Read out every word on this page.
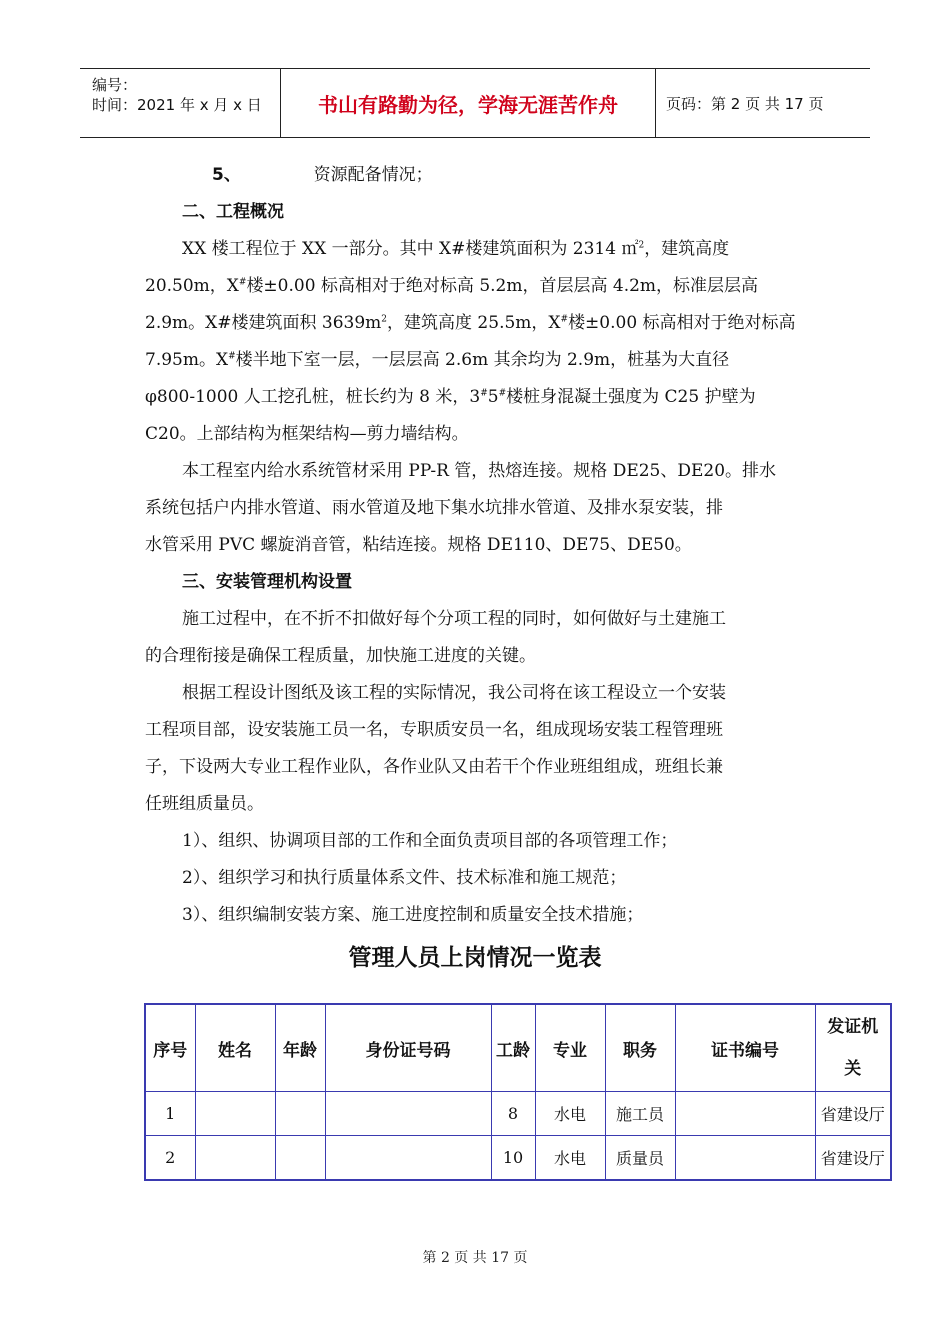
编号：
时间：2021 年 x 月 x 日	书山有路勤为径，学海无涯苦作舟	页码：第 2 页 共 17 页
5、	资源配备情况；
二、工程概况
XX 楼工程位于 XX 一部分。其中 X#楼建筑面积为 2314 ㎡$^2$，建筑高度
20.50m，X#楼±0.00 标高相对于绝对标高 5.2m，首层层高 4.2m，标准层层高
2.9m。X#楼建筑面积 $3639m^2$，建筑高度 25.5m，X#楼±0.00 标高相对于绝对标高
7.95m。X#楼半地下室一层，一层层高 2.6m 其余均为 2.9m，桩基为大直径
φ800-1000 人工挖孔桩，桩长约为 8 米，3#5#楼桩身混凝土强度为 C25 护壁为
C20。上部结构为框架结构—剪力墙结构。
本工程室内给水系统管材采用 PP-R 管，热熔连接。规格 DE25、DE20。排水
系统包括户内排水管道、雨水管道及地下集水坑排水管道、及排水泵安装，排
水管采用 PVC 螺旋消音管，粘结连接。规格 DE110、DE75、DE50。
三、安装管理机构设置
施工过程中，在不折不扣做好每个分项工程的同时，如何做好与土建施工
的合理衔接是确保工程质量，加快施工进度的关键。
根据工程设计图纸及该工程的实际情况，我公司将在该工程设立一个安装
工程项目部，设安装施工员一名，专职质安员一名，组成现场安装工程管理班
子，下设两大专业工程作业队，各作业队又由若干个作业班组组成，班组长兼
任班组质量员。
1）、组织、协调项目部的工作和全面负责项目部的各项管理工作；
2）、组织学习和执行质量体系文件、技术标准和施工规范；
3）、组织编制安装方案、施工进度控制和质量安全技术措施；
管理人员上岗情况一览表
序号	姓名	年龄	身份证号码	工龄	专业	职务	证书编号	发证机
关
1				8	水电	施工员		省建设厅
2				10	水电	质量员		省建设厅
第 2 页 共 17 页
